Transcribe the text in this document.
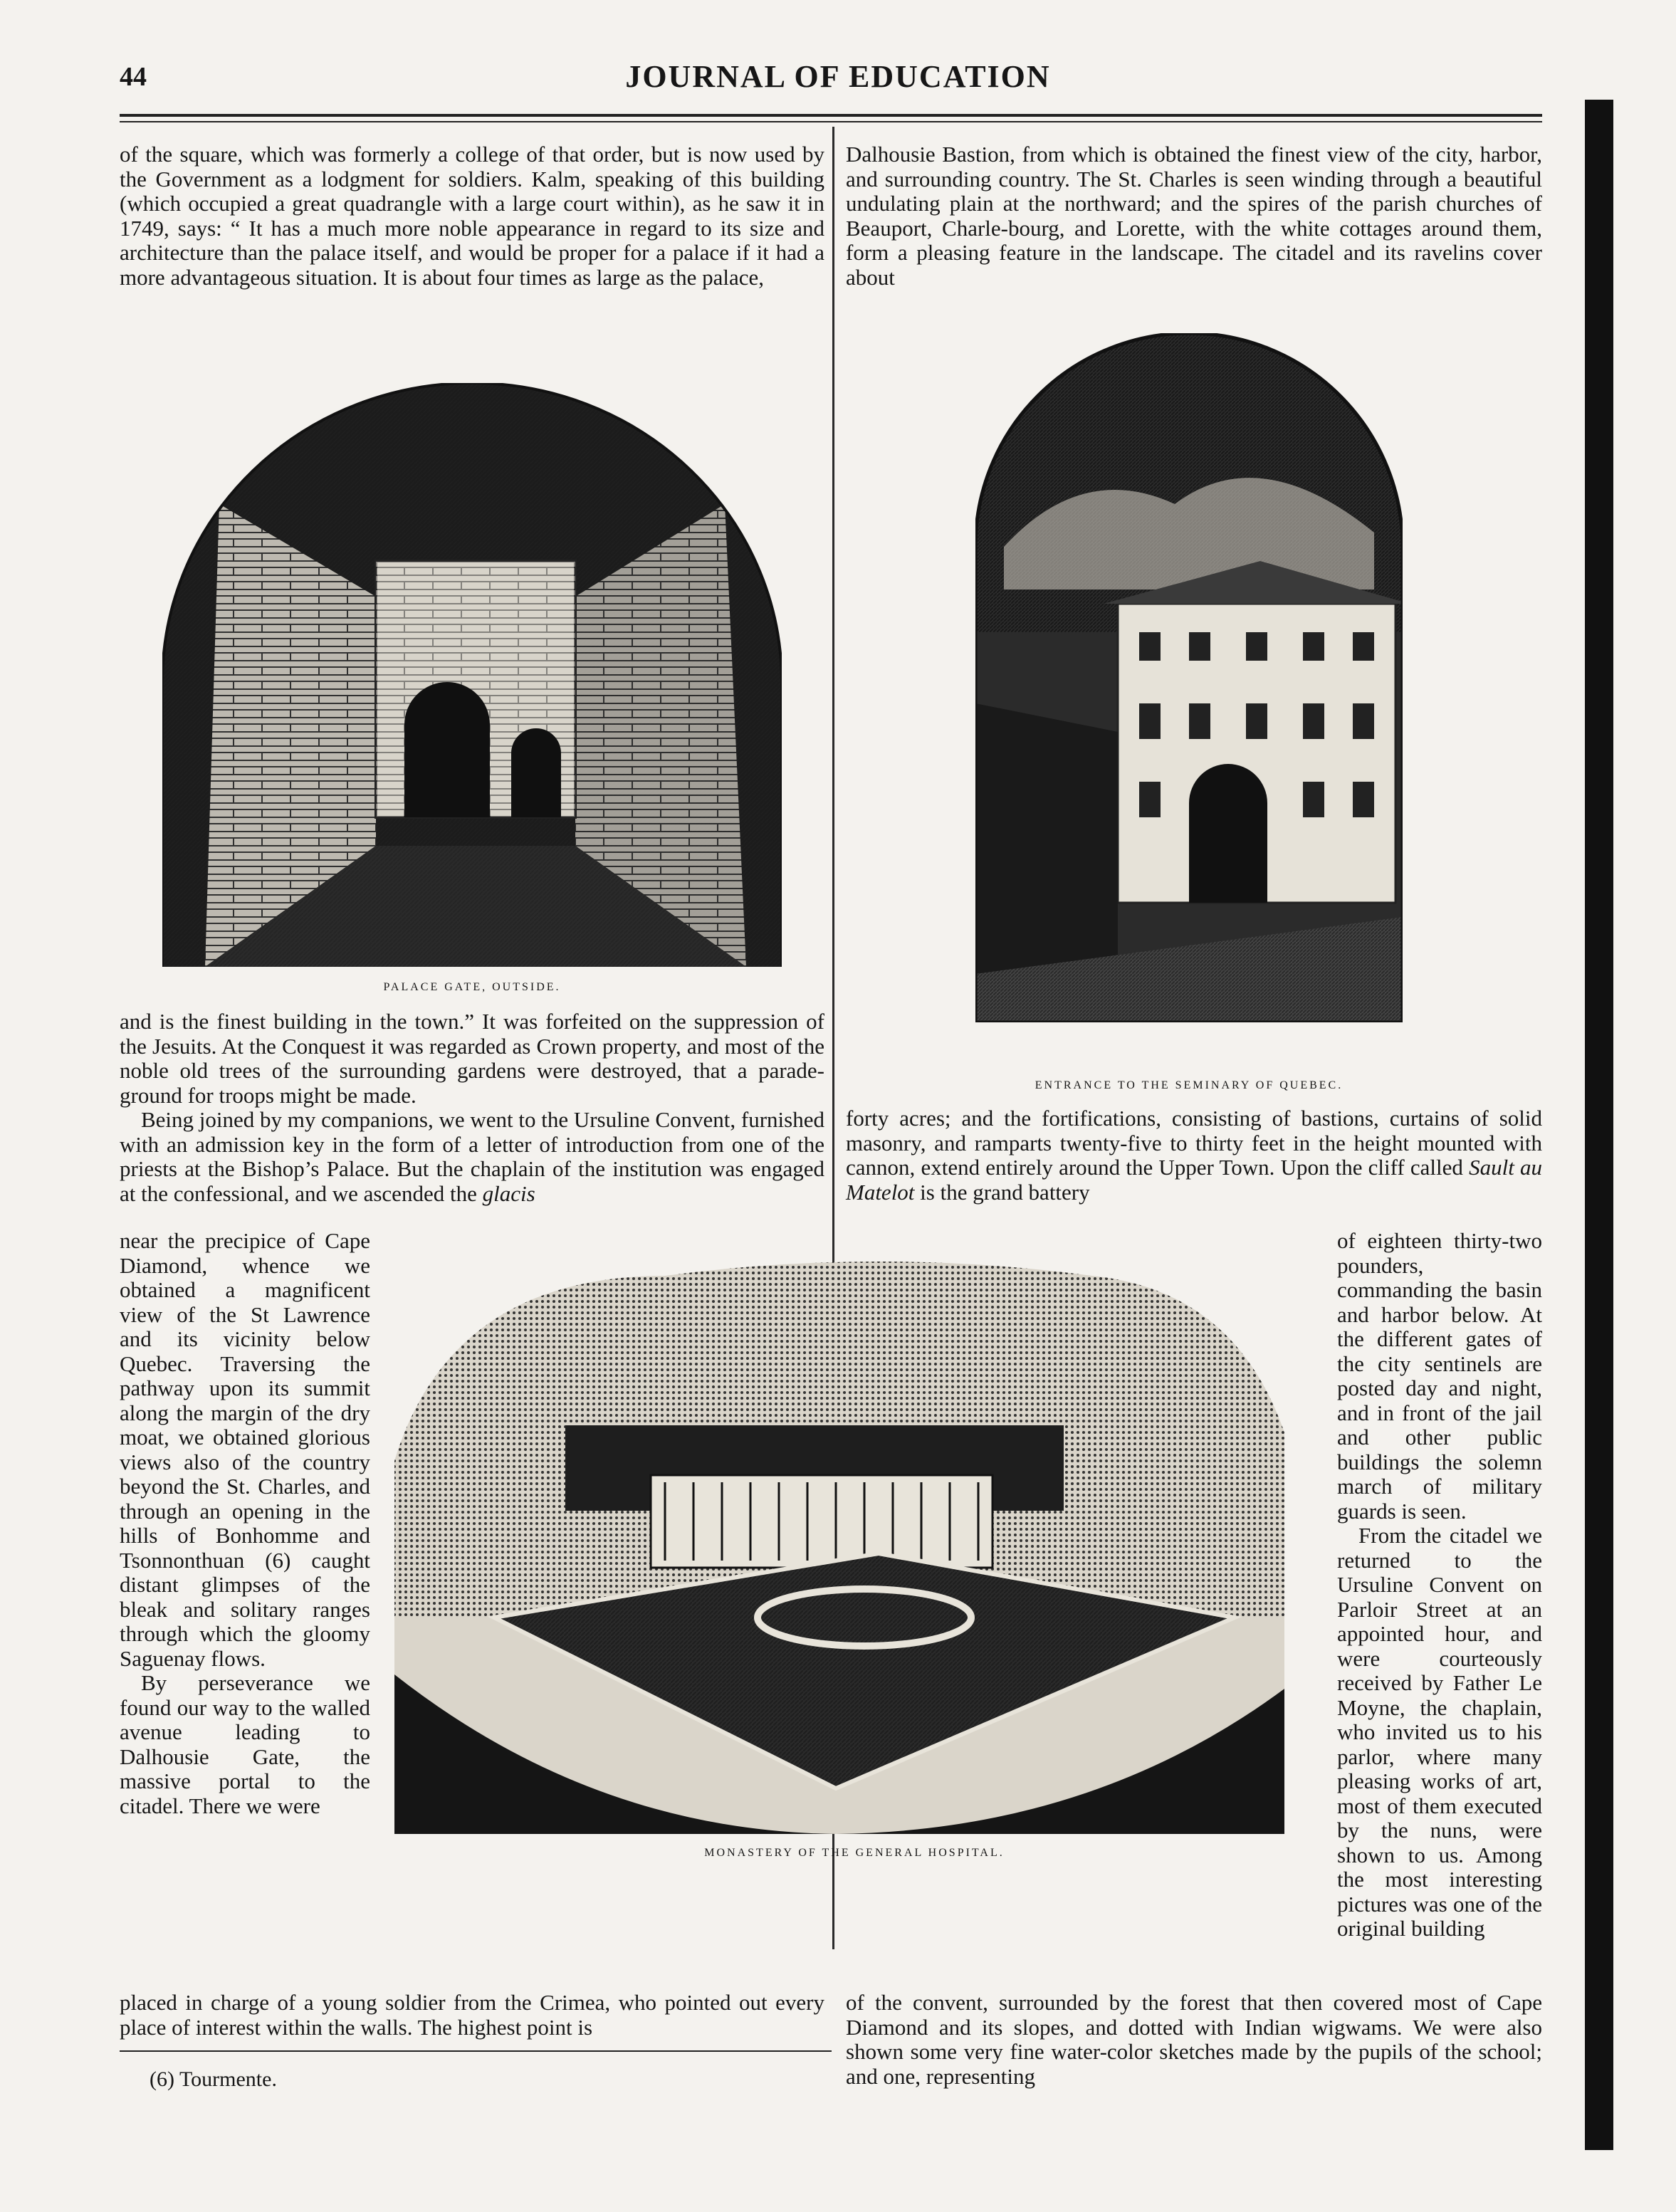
44	JOURNAL OF EDUCATION

of the square, which was formerly a college of that order, but is now used by the Government as a lodgment for soldiers. Kalm, speaking of this building (which occupied a great quadrangle with a large court within), as he saw it in 1749, says: “ It has a much more noble appearance in regard to its size and architecture than the palace itself, and would be proper for a palace if it had a more advantageous situation. It is about four times as large as the palace,

Dalhousie Bastion, from which is obtained the finest view of the city, harbor, and surrounding country. The St. Charles is seen winding through a beautiful undulating plain at the northward; and the spires of the parish churches of Beauport, Charle-bourg, and Lorette, with the white cottages around them, form a pleasing feature in the landscape. The citadel and its ravelins cover about

PALACE GATE, OUTSIDE.
ENTRANCE TO THE SEMINARY OF QUEBEC.

and is the finest building in the town.” It was forfeited on the suppression of the Jesuits. At the Conquest it was regarded as Crown property, and most of the noble old trees of the surrounding gardens were destroyed, that a parade-ground for troops might be made.

Being joined by my companions, we went to the Ursuline Convent, furnished with an admission key in the form of a letter of introduction from one of the priests at the Bishop’s Palace. But the chaplain of the institution was engaged at the confessional, and we ascended the glacis

forty acres; and the fortifications, consisting of bastions, curtains of solid masonry, and ramparts twenty-five to thirty feet in the height mounted with cannon, extend entirely around the Upper Town. Upon the cliff called Sault au Matelot is the grand battery

MONASTERY OF THE GENERAL HOSPITAL.

near the precipice of Cape Diamond, whence we obtained a magnificent view of the St Lawrence and its vicinity below Quebec. Traversing the pathway upon its summit along the margin of the dry moat, we obtained glorious views also of the country beyond the St. Charles, and through an opening in the hills of Bonhomme and Tsonnonthuan (6) caught distant glimpses of the bleak and solitary ranges through which the gloomy Saguenay flows.

By perseverance we found our way to the walled avenue leading to Dalhousie Gate, the massive portal to the citadel. There we were

of eighteen thirty-two pounders, commanding the basin and harbor below. At the different gates of the city sentinels are posted day and night, and in front of the jail and other public buildings the solemn march of military guards is seen.

From the citadel we returned to the Ursuline Convent on Parloir Street at an appointed hour, and were courteously received by Father Le Moyne, the chaplain, who invited us to his parlor, where many pleasing works of art, most of them executed by the nuns, were shown to us. Among the most interesting pictures was one of the original building

placed in charge of a young soldier from the Crimea, who pointed out every place of interest within the walls. The highest point is

of the convent, surrounded by the forest that then covered most of Cape Diamond and its slopes, and dotted with Indian wigwams. We were also shown some very fine water-color sketches made by the pupils of the school; and one, representing

(6) Tourmente.
